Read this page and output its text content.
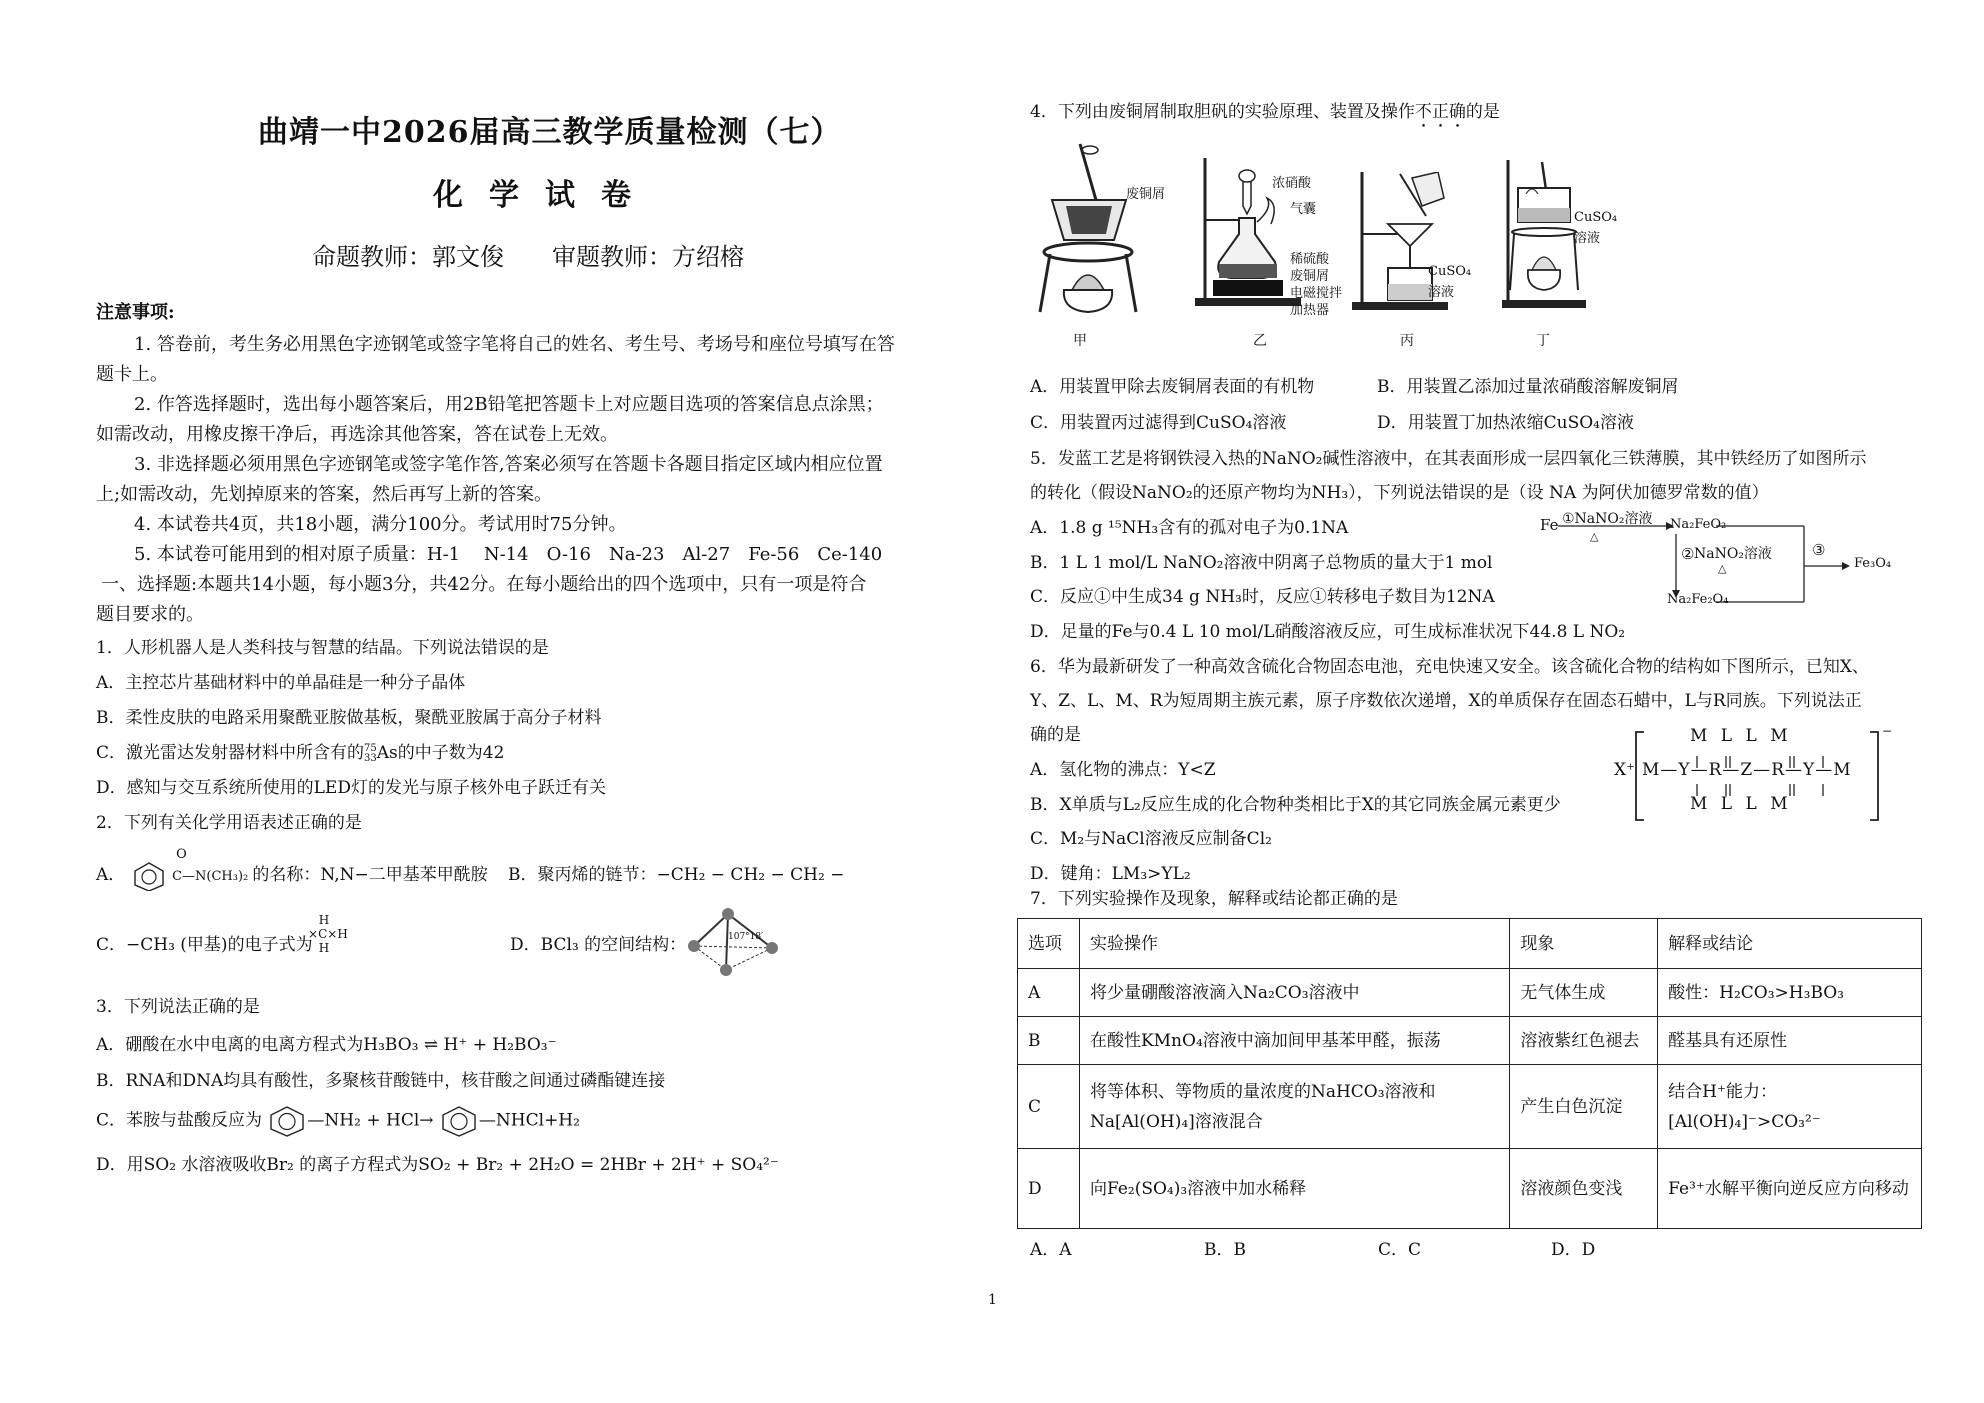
曲靖一中2026届高三教学质量检测（七）
化学试卷
命题教师：郭文俊　　审题教师：方绍榕
注意事项:
1. 答卷前，考生务必用黑色字迹钢笔或签字笔将自己的姓名、考生号、考场号和座位号填写在答
题卡上。
2. 作答选择题时，选出每小题答案后，用2B铅笔把答题卡上对应题目选项的答案信息点涂黑；
如需改动，用橡皮擦干净后，再选涂其他答案，答在试卷上无效。
3. 非选择题必须用黑色字迹钢笔或签字笔作答,答案必须写在答题卡各题目指定区域内相应位置
上;如需改动，先划掉原来的答案，然后再写上新的答案。
4. 本试卷共4页，共18小题，满分100分。考试用时75分钟。
5. 本试卷可能用到的相对原子质量：H-1　 N-14　O-16　Na-23　Al-27　Fe-56　Ce-140
一、选择题:本题共14小题，每小题3分，共42分。在每小题给出的四个选项中，只有一项是符合
题目要求的。
1．人形机器人是人类科技与智慧的结晶。下列说法错误的是
A．主控芯片基础材料中的单晶硅是一种分子晶体
B．柔性皮肤的电路采用聚酰亚胺做基板，聚酰亚胺属于高分子材料
C．激光雷达发射器材料中所含有的 75
33 As的中子数为42
D．感知与交互系统所使用的LED灯的发光与原子核外电子跃迁有关
2．下列有关化学用语表述正确的是
A．
O
C—N(CH₃)₂ 的名称：N,N−二甲基苯甲酰胺 B．聚丙烯的链节：−CH₂ − CH₂ − CH₂ −
C．−CH₃ (甲基)的电子式为
H
×C×H
H	D．BCl₃ 的空间结构：	107°18′
3．下列说法正确的是
A．硼酸在水中电离的电离方程式为H₃BO₃ ⇌ H⁺ + H₂BO₃⁻
B．RNA和DNA均具有酸性，多聚核苷酸链中，核苷酸之间通过磷酯键连接
C．苯胺与盐酸反应为	—NH₂ + HCl→	—NHCl+H₂
D．用SO₂ 水溶液吸收Br₂ 的离子方程式为SO₂ + Br₂ + 2H₂O = 2HBr + 2H⁺ + SO₄²⁻
4．下列由废铜屑制取胆矾的实验原理、装置及操作不正确的是
废铜屑
浓硝酸
气囊
稀硫酸
废铜屑
电磁搅拌
加热器
CuSO₄
溶液
CuSO₄
溶液
甲	乙	丙	丁
A．用装置甲除去废铜屑表面的有机物	B．用装置乙添加过量浓硝酸溶解废铜屑
C．用装置丙过滤得到CuSO₄溶液	D．用装置丁加热浓缩CuSO₄溶液
5．发蓝工艺是将钢铁浸入热的NaNO₂碱性溶液中，在其表面形成一层四氧化三铁薄膜，其中铁经历了如图所示
的转化（假设NaNO₂的还原产物均为NH₃），下列说法错误的是（设 NA 为阿伏加德罗常数的值）
A．1.8 g ¹⁵NH₃含有的孤对电子为0.1NA
B．1 L 1 mol/L NaNO₂溶液中阴离子总物质的量大于1 mol
C．反应①中生成34 g NH₃时，反应①转移电子数目为12NA
D．足量的Fe与0.4 L 10 mol/L硝酸溶液反应，可生成标准状况下44.8 L NO₂
Fe ①NaNO₂溶液
△
Na₂FeO₂
② NaNO₂溶液
△
Na₂Fe₂O₄
③
Fe₃O₄
6．华为最新研发了一种高效含硫化合物固态电池，充电快速又安全。该含硫化合物的结构如下图所示，已知X、
Y、Z、L、M、R为短周期主族元素，原子序数依次递增，X的单质保存在固态石蜡中，L与R同族。下列说法正
确的是
A．氢化物的沸点：Y<Z
B．X单质与L₂反应生成的化合物种类相比于X的其它同族金属元素更少
C．M₂与NaCl溶液反应制备Cl₂
D．键角：LM₃>YL₂
X⁺ M—Y—R—Z—R—Y—M
M L L M
M L L M
−
7．下列实验操作及现象，解释或结论都正确的是
选项	实验操作	现象	解释或结论
A	将少量硼酸溶液滴入Na₂CO₃溶液中	无气体生成	酸性：H₂CO₃>H₃BO₃
B	在酸性KMnO₄溶液中滴加间甲基苯甲醛，振荡	溶液紫红色褪去	醛基具有还原性
C	将等体积、等物质的量浓度的NaHCO₃溶液和Na[Al(OH)₄]溶液混合	产生白色沉淀	结合H⁺能力：[Al(OH)₄]⁻>CO₃²⁻
D	向Fe₂(SO₄)₃溶液中加水稀释	溶液颜色变浅	Fe³⁺水解平衡向逆反应方向移动
A．A	B．B	C．C	D．D
1
